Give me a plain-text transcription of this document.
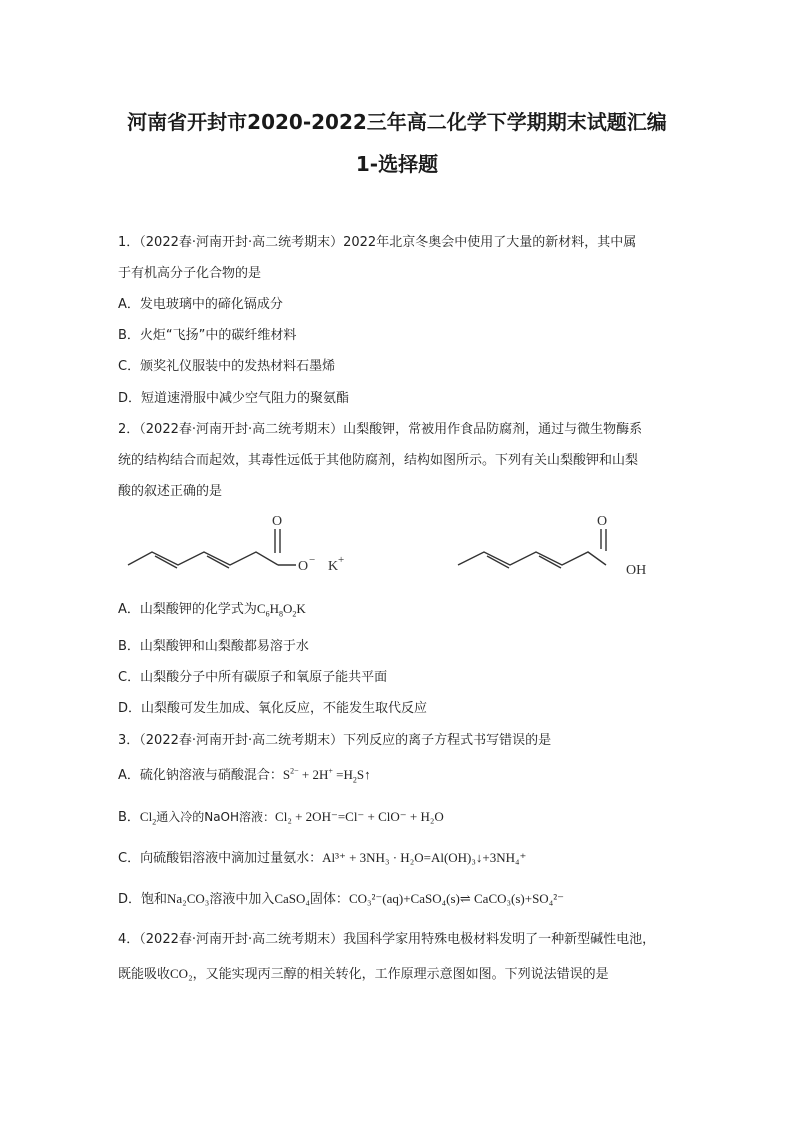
河南省开封市2020-2022三年高二化学下学期期末试题汇编
1-选择题
1．（2022春·河南开封·高二统考期末）2022年北京冬奥会中使用了大量的新材料，其中属
于有机高分子化合物的是
A．发电玻璃中的碲化镉成分
B．火炬“飞扬”中的碳纤维材料
C．颁奖礼仪服装中的发热材料石墨烯
D．短道速滑服中减少空气阻力的聚氨酯
2．（2022春·河南开封·高二统考期末）山梨酸钾，常被用作食品防腐剂，通过与微生物酶系
统的结构结合而起效，其毒性远低于其他防腐剂，结构如图所示。下列有关山梨酸钾和山梨
酸的叙述正确的是
O
O − K +
O
OH
A．山梨酸钾的化学式为$C_6H_8O_2K$
B．山梨酸钾和山梨酸都易溶于水
C．山梨酸分子中所有碳原子和氧原子能共平面
D．山梨酸可发生加成、氧化反应，不能发生取代反应
3．（2022春·河南开封·高二统考期末）下列反应的离子方程式书写错误的是
A．硫化钠溶液与硝酸混合：$S^{2-} + 2H^+$ $=H_2S↑$
B．$Cl_2$通入冷的NaOH溶液：Cl₂ + 2OH⁻=Cl⁻ + ClO⁻ + H₂O
C．向硫酸铝溶液中滴加过量氨水：Al³⁺ + 3NH₃ · H₂O=Al(OH)₃↓+3NH₄⁺
D．饱和Na₂CO₃溶液中加入CaSO₄固体：CO₃²⁻(aq)+CaSO₄(s)⇌ CaCO₃(s)+SO₄²⁻
4．（2022春·河南开封·高二统考期末）我国科学家用特殊电极材料发明了一种新型碱性电池，
既能吸收CO₂，又能实现丙三醇的相关转化，工作原理示意图如图。下列说法错误的是
